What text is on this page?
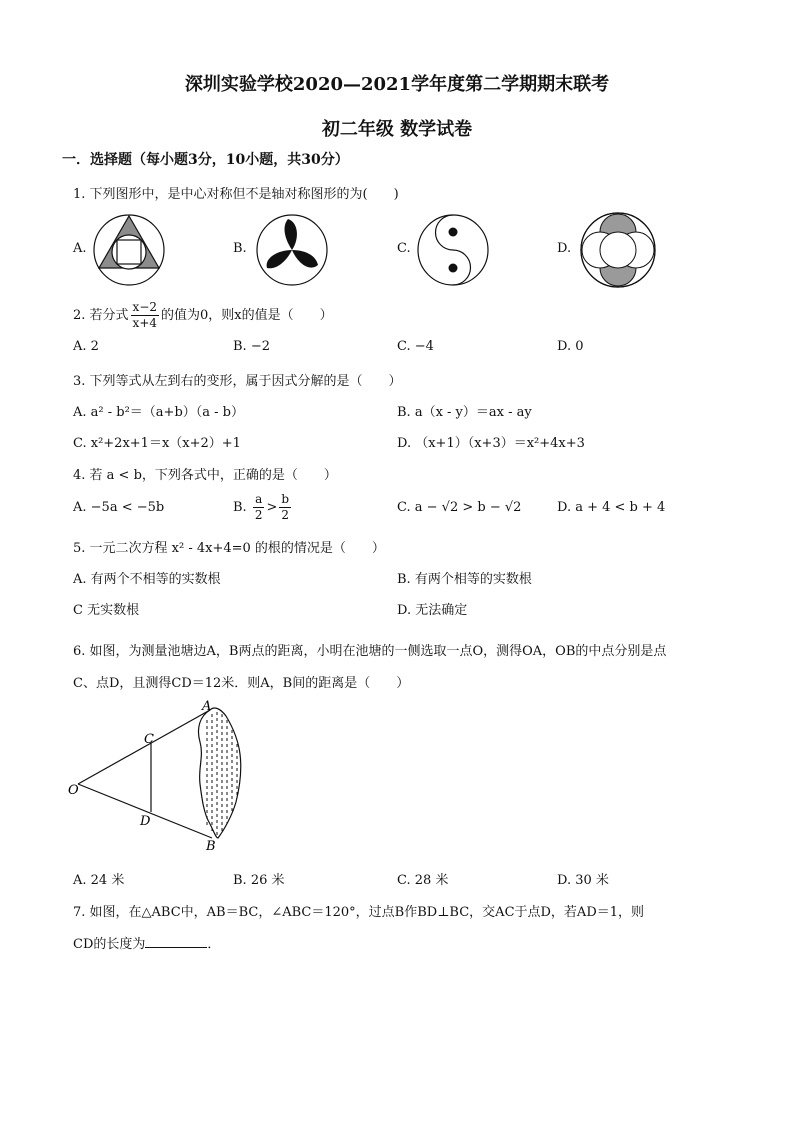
深圳实验学校2020—2021学年度第二学期期末联考
初二年级 数学试卷
一．选择题（每小题3分，10小题，共30分）
1. 下列图形中，是中心对称但不是轴对称图形的为(　　)
A.	B.	C.	D.
2. 若分式 $\frac{x-2}{x+4}$ 的值为0，则x的值是（　　）
A. 2	B. −2	C. −4	D. 0
3. 下列等式从左到右的变形，属于因式分解的是（　　）
A. a² - b²＝（a+b）（a - b）	B. a（x - y）＝ax - ay
C. x²+2x+1＝x（x+2）+1	D. （x+1）（x+3）＝x²+4x+3
4. 若 a < b，下列各式中，正确的是（　　）
A. −5a < −5b	B. $\frac{a}{2} > \frac{b}{2}$	C. a − √2 > b − √2	D. a + 4 < b + 4
5. 一元二次方程 x² - 4x+4=0 的根的情况是（　　）
A. 有两个不相等的实数根	B. 有两个相等的实数根
C 无实数根	D. 无法确定
6. 如图，为测量池塘边A，B两点的距离，小明在池塘的一侧选取一点O，测得OA，OB的中点分别是点
C、点D，且测得CD＝12米．则A，B间的距离是（　　）
A
B
C
D
O
A. 24 米	B. 26 米	C. 28 米	D. 30 米
7. 如图，在△ABC中，AB＝BC，∠ABC＝120°，过点B作BD⊥BC，交AC于点D，若AD＝1，则
CD的长度为	．
